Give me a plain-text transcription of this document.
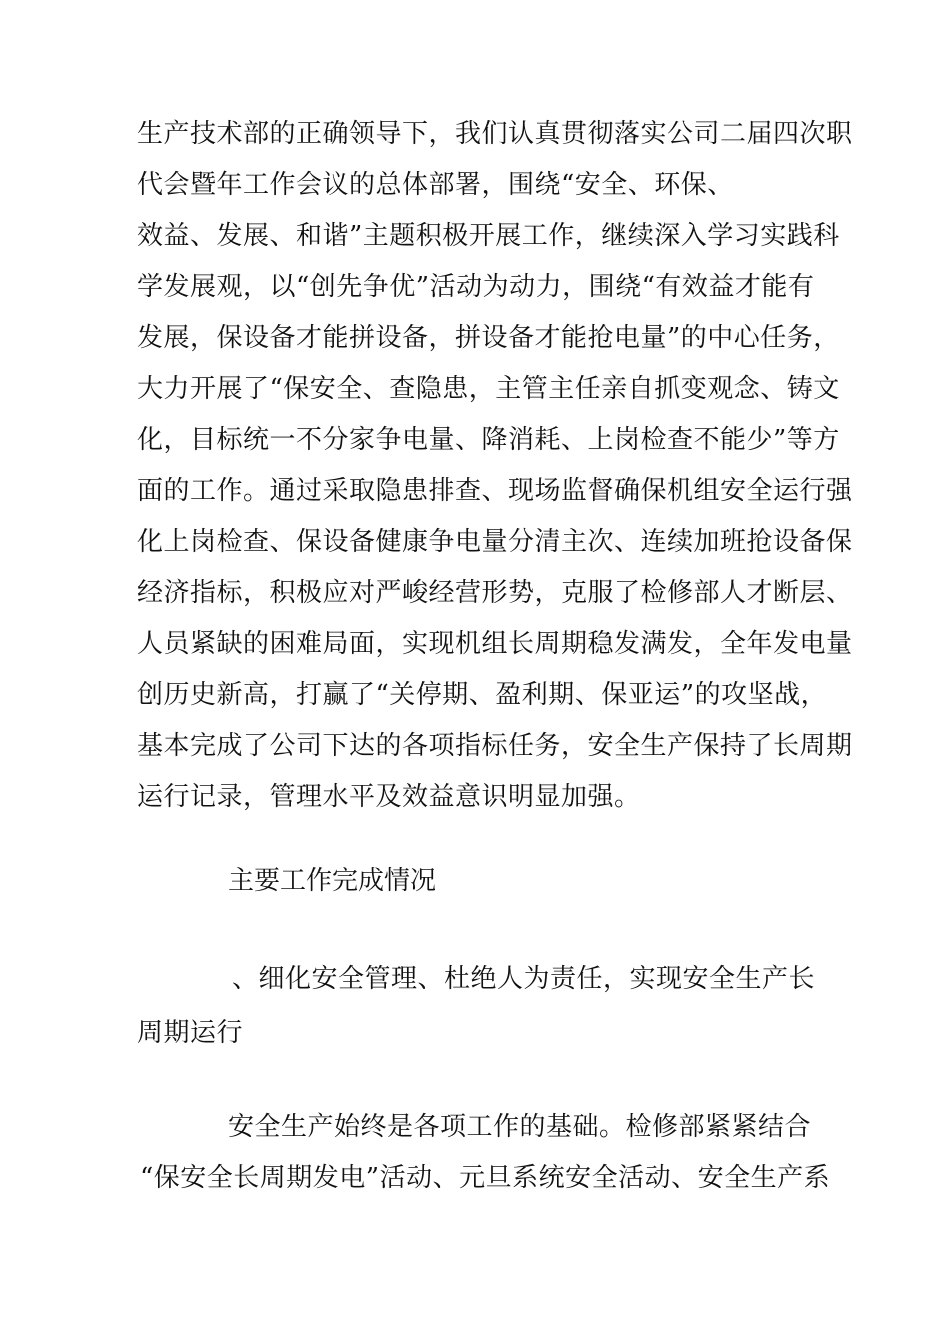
生产技术部的正确领导下，我们认真贯彻落实公司二届四次职
代会暨年工作会议的总体部署，围绕“安全、环保、
效益、发展、和谐”主题积极开展工作，继续深入学习实践科
学发展观，以“创先争优”活动为动力，围绕“有效益才能有
发展，保设备才能拼设备，拼设备才能抢电量”的中心任务，
大力开展了“保安全、查隐患，主管主任亲自抓变观念、铸文
化，目标统一不分家争电量、降消耗、上岗检查不能少”等方
面的工作。通过采取隐患排查、现场监督确保机组安全运行强
化上岗检查、保设备健康争电量分清主次、连续加班抢设备保
经济指标，积极应对严峻经营形势，克服了检修部人才断层、
人员紧缺的困难局面，实现机组长周期稳发满发，全年发电量
创历史新高，打赢了“关停期、盈利期、保亚运”的攻坚战，
基本完成了公司下达的各项指标任务，安全生产保持了长周期
运行记录，管理水平及效益意识明显加强。
主要工作完成情况
、细化安全管理、杜绝人为责任，实现安全生产长
周期运行
安全生产始终是各项工作的基础。检修部紧紧结合
“保安全长周期发电”活动、元旦系统安全活动、安全生产系
